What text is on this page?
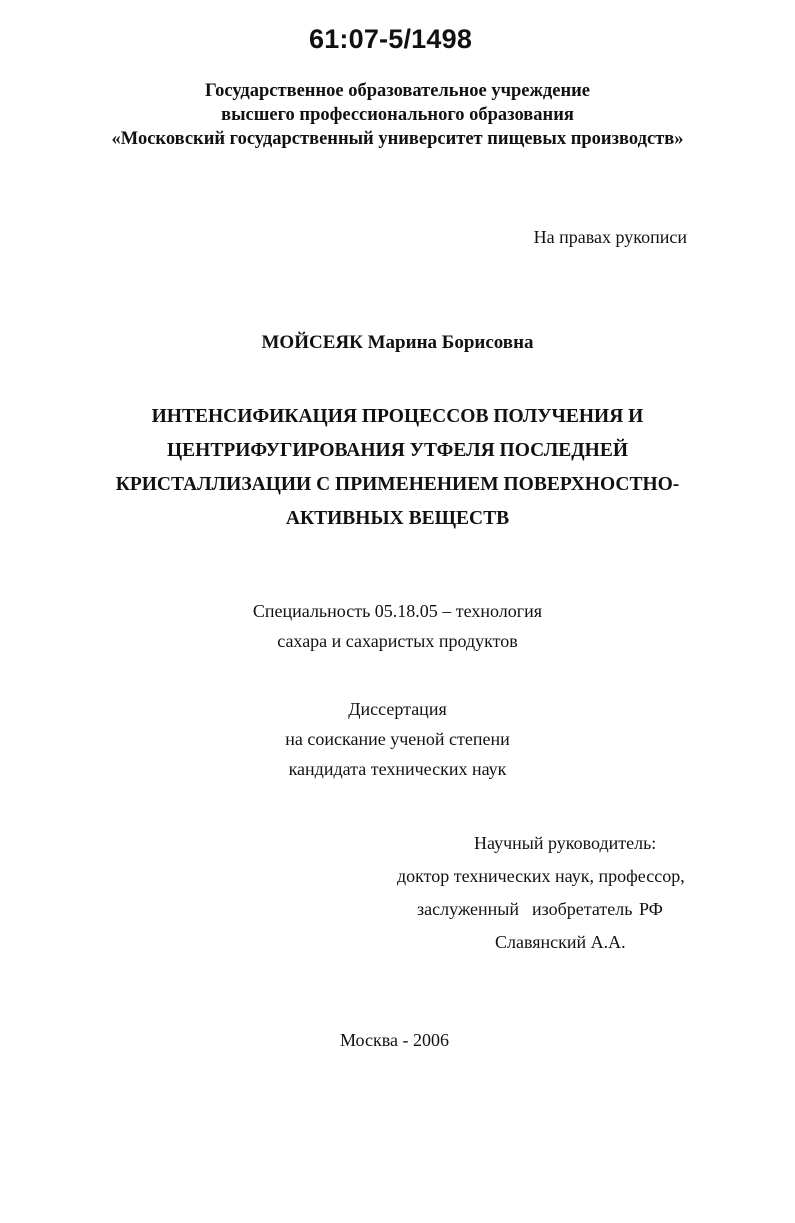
61:07-5/1498
Государственное образовательное учреждение
высшего профессионального образования
«Московский государственный университет пищевых производств»
На правах рукописи
МОЙСЕЯК Марина Борисовна
ИНТЕНСИФИКАЦИЯ ПРОЦЕССОВ ПОЛУЧЕНИЯ И
ЦЕНТРИФУГИРОВАНИЯ УТФЕЛЯ ПОСЛЕДНЕЙ
КРИСТАЛЛИЗАЦИИ С ПРИМЕНЕНИЕМ ПОВЕРХНОСТНО-
АКТИВНЫХ ВЕЩЕСТВ
Специальность 05.18.05 – технология
сахара и сахаристых продуктов
Диссертация
на соискание ученой степени
кандидата технических наук
Научный руководитель:
доктор технических наук, профессор,
заслуженный  изобретатель РФ
Славянский А.А.
Москва - 2006
